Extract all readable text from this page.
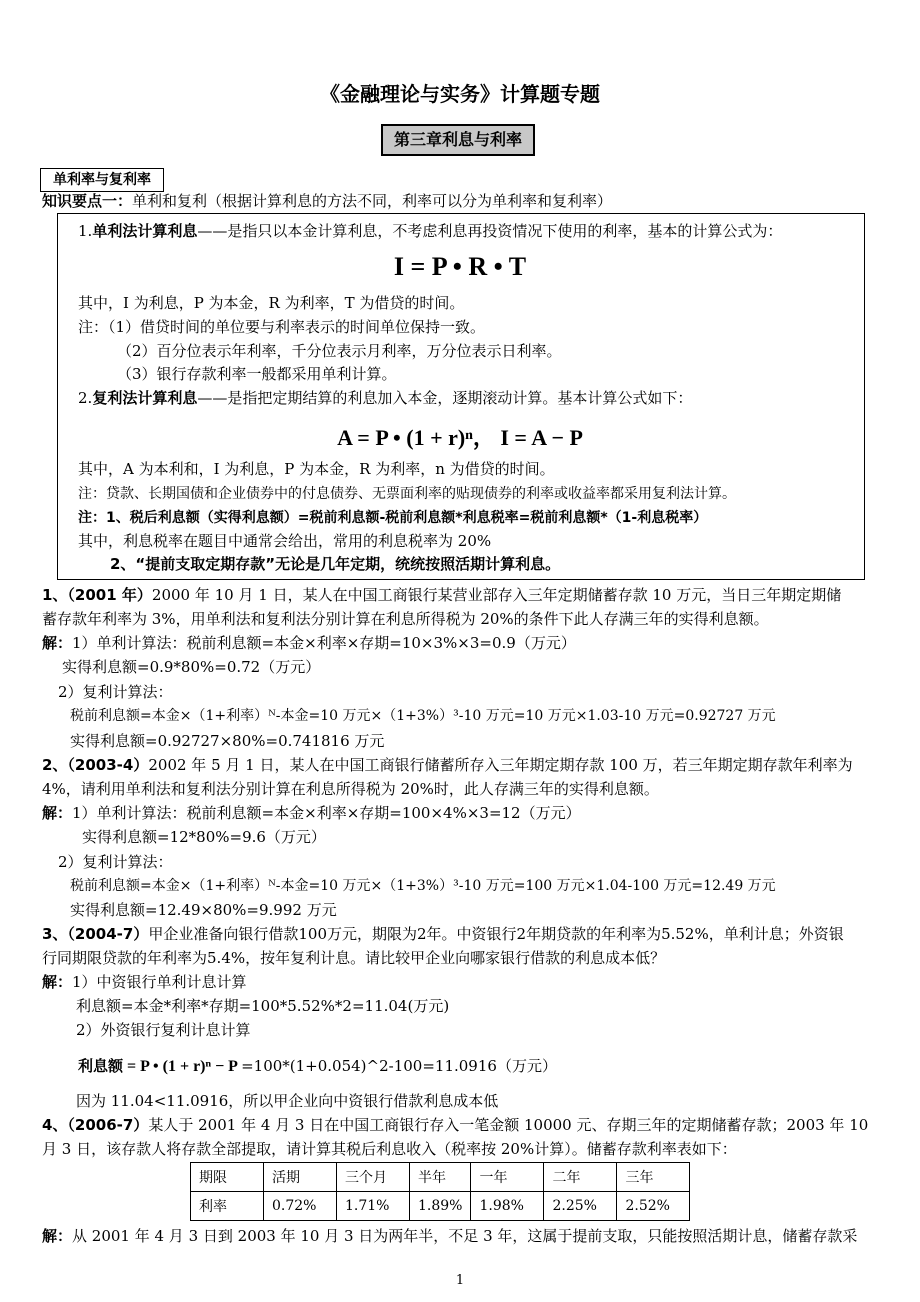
《金融理论与实务》计算题专题
第三章利息与利率
单利率与复利率
知识要点一：单利和复利（根据计算利息的方法不同，利率可以分为单利率和复利率）
1.单利法计算利息——是指只以本金计算利息，不考虑利息再投资情况下使用的利率，基本的计算公式为：
I = P • R • T
其中，I 为利息，P 为本金，R 为利率，T 为借贷的时间。
注：（1）借贷时间的单位要与利率表示的时间单位保持一致。
（2）百分位表示年利率，千分位表示月利率，万分位表示日利率。
（3）银行存款利率一般都采用单利计算。
2.复利法计算利息——是指把定期结算的利息加入本金，逐期滚动计算。基本计算公式如下：
A = P • (1 + r)ⁿ， I = A − P
其中，A 为本利和，I 为利息，P 为本金，R 为利率，n 为借贷的时间。
注：贷款、长期国债和企业债券中的付息债券、无票面利率的贴现债券的利率或收益率都采用复利法计算。
注：1、税后利息额（实得利息额）=税前利息额-税前利息额*利息税率=税前利息额*（1-利息税率）
其中，利息税率在题目中通常会给出，常用的利息税率为 20%
2、“提前支取定期存款”无论是几年定期，统统按照活期计算利息。
1、（2001 年）2000 年 10 月 1 日，某人在中国工商银行某营业部存入三年定期储蓄存款 10 万元，当日三年期定期储
蓄存款年利率为 3%，用单利法和复利法分别计算在利息所得税为 20%的条件下此人存满三年的实得利息额。
解：1）单利计算法：税前利息额=本金×利率×存期=10×3%×3=0.9（万元）
实得利息额=0.9*80%=0.72（万元）
2）复利计算法：
税前利息额=本金×（1+利率）ᴺ-本金=10 万元×（1+3%）³-10 万元=10 万元×1.03-10 万元=0.92727 万元
实得利息额=0.92727×80%=0.741816 万元
2、（2003-4）2002 年 5 月 1 日，某人在中国工商银行储蓄所存入三年期定期存款 100 万，若三年期定期存款年利率为
4%，请利用单利法和复利法分别计算在利息所得税为 20%时，此人存满三年的实得利息额。
解：1）单利计算法：税前利息额=本金×利率×存期=100×4%×3=12（万元）
实得利息额=12*80%=9.6（万元）
2）复利计算法：
税前利息额=本金×（1+利率）ᴺ-本金=10 万元×（1+3%）³-10 万元=100 万元×1.04-100 万元=12.49 万元
实得利息额=12.49×80%=9.992 万元
3、（2004-7）甲企业准备向银行借款100万元，期限为2年。中资银行2年期贷款的年利率为5.52%，单利计息；外资银
行同期限贷款的年利率为5.4%，按年复利计息。请比较甲企业向哪家银行借款的利息成本低？
解：1）中资银行单利计息计算
利息额=本金*利率*存期=100*5.52%*2=11.04(万元)
2）外资银行复利计息计算
利息额 = P • (1 + r)ⁿ − P =100*(1+0.054)^2-100=11.0916（万元）
因为 11.04<11.0916，所以甲企业向中资银行借款利息成本低
4、（2006-7）某人于 2001 年 4 月 3 日在中国工商银行存入一笔金额 10000 元、存期三年的定期储蓄存款；2003 年 10
月 3 日，该存款人将存款全部提取，请计算其税后利息收入（税率按 20%计算）。储蓄存款利率表如下：
期限	活期	三个月	半年	一年	二年	三年
利率	0.72%	1.71%	1.89%	1.98%	2.25%	2.52%
解：从 2001 年 4 月 3 日到 2003 年 10 月 3 日为两年半，不足 3 年，这属于提前支取，只能按照活期计息，储蓄存款采
1
